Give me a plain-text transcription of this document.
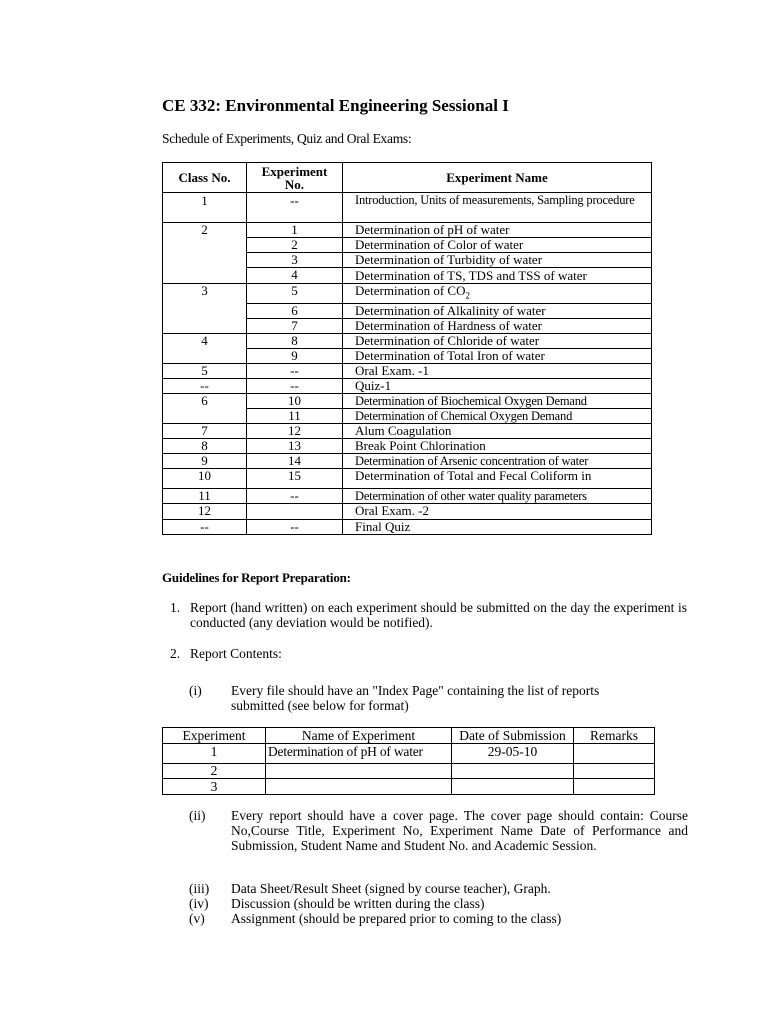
CE 332: Environmental Engineering Sessional I
Schedule of Experiments, Quiz and Oral Exams:
Class No.	Experiment No.	Experiment Name
1	--	Introduction, Units of measurements, Sampling procedure
2	1	Determination of pH of water
	2	Determination of Color of water
	3	Determination of Turbidity of water
	4	Determination of TS, TDS and TSS of water
3	5	Determination of $CO_2$
	6	Determination of Alkalinity of water
	7	Determination of Hardness of water
4	8	Determination of Chloride of water
	9	Determination of Total Iron of water
5	--	Oral Exam. -1
--	--	Quiz-1
6	10	Determination of Biochemical Oxygen Demand
	11	Determination of Chemical Oxygen Demand
7	12	Alum Coagulation
8	13	Break Point Chlorination
9	14	Determination of Arsenic concentration of water
10	15	Determination of Total and Fecal Coliform in
11	--	Determination of other water quality parameters
12		Oral Exam. -2
--	--	Final Quiz
Guidelines for Report Preparation:
1. Report (hand written) on each experiment should be submitted on the day the experiment is conducted (any deviation would be notified).
2. Report Contents:
(i) Every file should have an "Index Page" containing the list of reports submitted (see below for format)
Experiment	Name of Experiment	Date of Submission	Remarks
1	Determination of pH of water	29-05-10	
2			
3			
(ii) Every report should have a cover page. The cover page should contain: Course No,Course Title, Experiment No, Experiment Name Date of Performance and Submission, Student Name and Student No. and Academic Session.
(iii) Data Sheet/Result Sheet (signed by course teacher), Graph.
(iv) Discussion (should be written during the class)
(v) Assignment (should be prepared prior to coming to the class)
